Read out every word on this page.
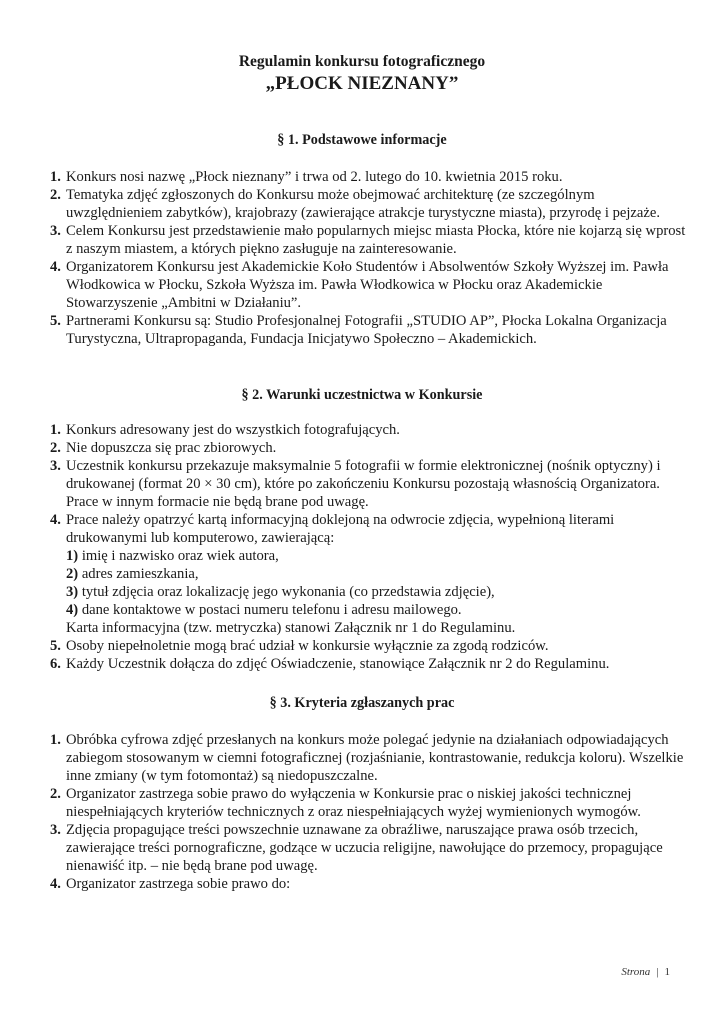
Regulamin konkursu fotograficznego
„PŁOCK NIEZNANY”
§ 1. Podstawowe informacje
1. Konkurs nosi nazwę „Płock nieznany” i trwa od 2. lutego do 10. kwietnia 2015 roku.
2. Tematyka zdjęć zgłoszonych do Konkursu może obejmować architekturę (ze szczególnym uwzględnieniem zabytków), krajobrazy (zawierające atrakcje turystyczne miasta), przyrodę i pejzaże.
3. Celem Konkursu jest przedstawienie mało popularnych miejsc miasta Płocka, które nie kojarzą się wprost z naszym miastem, a których piękno zasługuje na zainteresowanie.
4. Organizatorem Konkursu jest Akademickie Koło Studentów i Absolwentów Szkoły Wyższej im. Pawła Włodkowica w Płocku, Szkoła Wyższa im. Pawła Włodkowica w Płocku oraz Akademickie Stowarzyszenie „Ambitni w Działaniu”.
5. Partnerami Konkursu są: Studio Profesjonalnej Fotografii „STUDIO AP”, Płocka Lokalna Organizacja Turystyczna, Ultrapropaganda, Fundacja Inicjatywo Społeczno – Akademickich.
§ 2. Warunki uczestnictwa w Konkursie
1. Konkurs adresowany jest do wszystkich fotografujących.
2. Nie dopuszcza się prac zbiorowych.
3. Uczestnik konkursu przekazuje maksymalnie 5 fotografii w formie elektronicznej (nośnik optyczny) i drukowanej (format 20 × 30 cm), które po zakończeniu Konkursu pozostają własnością Organizatora. Prace w innym formacie nie będą brane pod uwagę.
4. Prace należy opatrzyć kartą informacyjną doklejoną na odwrocie zdjęcia, wypełnioną literami drukowanymi lub komputerowo, zawierającą:
1) imię i nazwisko oraz wiek autora,
2) adres zamieszkania,
3) tytuł zdjęcia oraz lokalizację jego wykonania (co przedstawia zdjęcie),
4) dane kontaktowe w postaci numeru telefonu i adresu mailowego.
Karta informacyjna (tzw. metryczka) stanowi Załącznik nr 1 do Regulaminu.
5. Osoby niepełnoletnie mogą brać udział w konkursie wyłącznie za zgodą rodziców.
6. Każdy Uczestnik dołącza do zdjęć Oświadczenie, stanowiące Załącznik nr 2 do Regulaminu.
§ 3. Kryteria zgłaszanych prac
1. Obróbka cyfrowa zdjęć przesłanych na konkurs może polegać jedynie na działaniach odpowiadających zabiegom stosowanym w ciemni fotograficznej (rozjaśnianie, kontrastowanie, redukcja koloru). Wszelkie inne zmiany (w tym fotomontaż) są niedopuszczalne.
2. Organizator zastrzega sobie prawo do wyłączenia w Konkursie prac o niskiej jakości technicznej niespełniających kryteriów technicznych z oraz niespełniających wyżej wymienionych wymogów.
3. Zdjęcia propagujące treści powszechnie uznawane za obraźliwe, naruszające prawa osób trzecich, zawierające treści pornograficzne, godzące w uczucia religijne, nawołujące do przemocy, propagujące nienawiść itp. – nie będą brane pod uwagę.
4. Organizator zastrzega sobie prawo do:
Strona | 1
